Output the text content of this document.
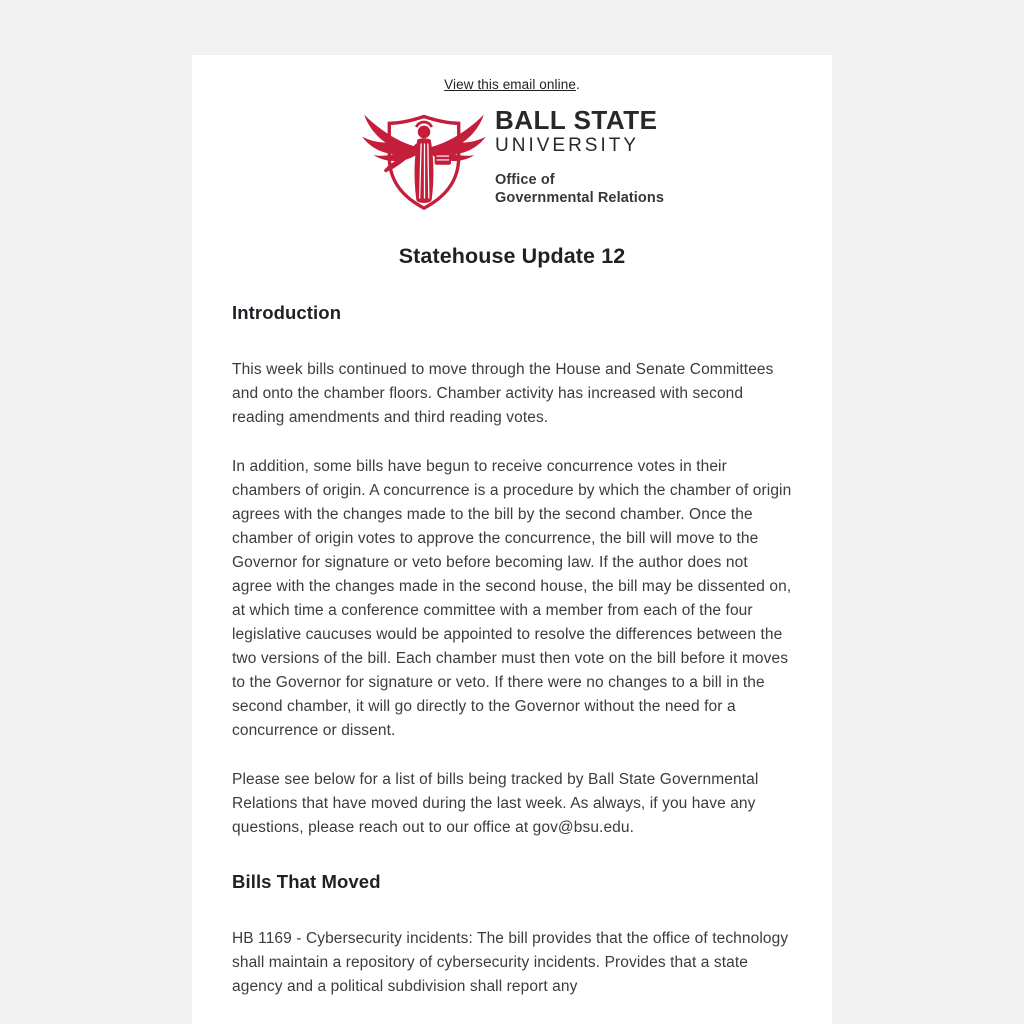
View this email online.
BALL STATE
UNIVERSITY
Office of
Governmental Relations
Statehouse Update 12
Introduction

This week bills continued to move through the House and Senate Committees and onto the chamber floors. Chamber activity has increased with second reading amendments and third reading votes.

In addition, some bills have begun to receive concurrence votes in their chambers of origin. A concurrence is a procedure by which the chamber of origin agrees with the changes made to the bill by the second chamber. Once the chamber of origin votes to approve the concurrence, the bill will move to the Governor for signature or veto before becoming law. If the author does not agree with the changes made in the second house, the bill may be dissented on, at which time a conference committee with a member from each of the four legislative caucuses would be appointed to resolve the differences between the two versions of the bill. Each chamber must then vote on the bill before it moves to the Governor for signature or veto. If there were no changes to a bill in the second chamber, it will go directly to the Governor without the need for a concurrence or dissent.

Please see below for a list of bills being tracked by Ball State Governmental Relations that have moved during the last week. As always, if you have any questions, please reach out to our office at gov@bsu.edu.

Bills That Moved

HB 1169 - Cybersecurity incidents: The bill provides that the office of technology shall maintain a repository of cybersecurity incidents. Provides that a state agency and a political subdivision shall report any
